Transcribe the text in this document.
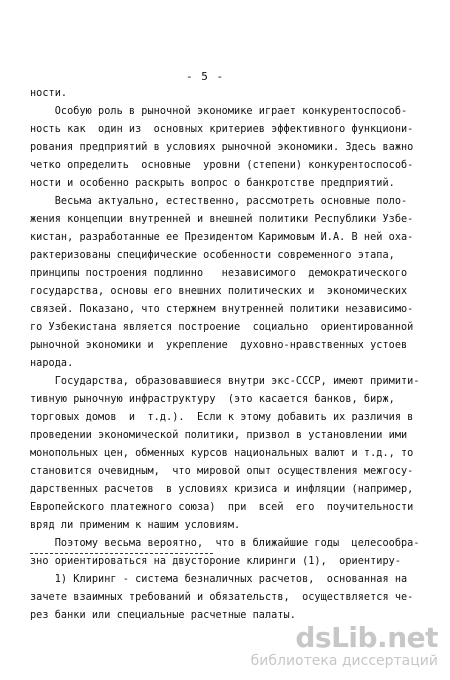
- 5 -
ности.
Особую роль в рыночной экономике играет конкурентоспособ-
ность как  один из  основных критериев эффективного функциони-
рования предприятий в условиях рыночной экономики. Здесь важно
четко определить  основные  уровни (степени) конкурентоспособ-
ности и особенно раскрыть вопрос о банкротстве предприятий.
Весьма актуально, естественно, рассмотреть основные поло-
жения концепции внутренней и внешней политики Республики Узбе-
кистан, разработанные ее Президентом Каримовым И.А. В ней оха-
рактеризованы специфические особенности современного этапа,
принципы построения подлинно   независимого  демократического
государства, основы его внешних политических и  экономических
связей. Показано, что стержнем внутренней политики независимо-
го Узбекистана является построение  социально  ориентированной
рыночной экономики и  укрепление  духовно-нравственных устоев
народа.
Государства, образовавшиеся внутри экс-СССР, имеют примити-
тивную рыночную инфраструктуру  (это касается банков, бирж,
торговых домов  и  т.д.).  Если к этому добавить их различия в
проведении экономической политики, призвол в установлении ими
монопольных цен, обменных курсов национальных валют и т.д., то
становится очевидным,  что мировой опыт осуществления межгосу-
дарственных расчетов  в условиях кризиса и инфляции (например,
Европейского платежного союза)  при  всей  его  поучительности
вряд ли применим к нашим условиям.
Поэтому весьма вероятно,  что в ближайшие годы  целесообра-
зно ориентироваться на двустороние клиринги (1),  ориентиру-
1) Клиринг - система безналичных расчетов,  основанная на
зачете взаимных требований и обязательств,  осуществляется че-
рез банки или специальные расчетные палаты.
dsLib.net
библиотека диссертаций
